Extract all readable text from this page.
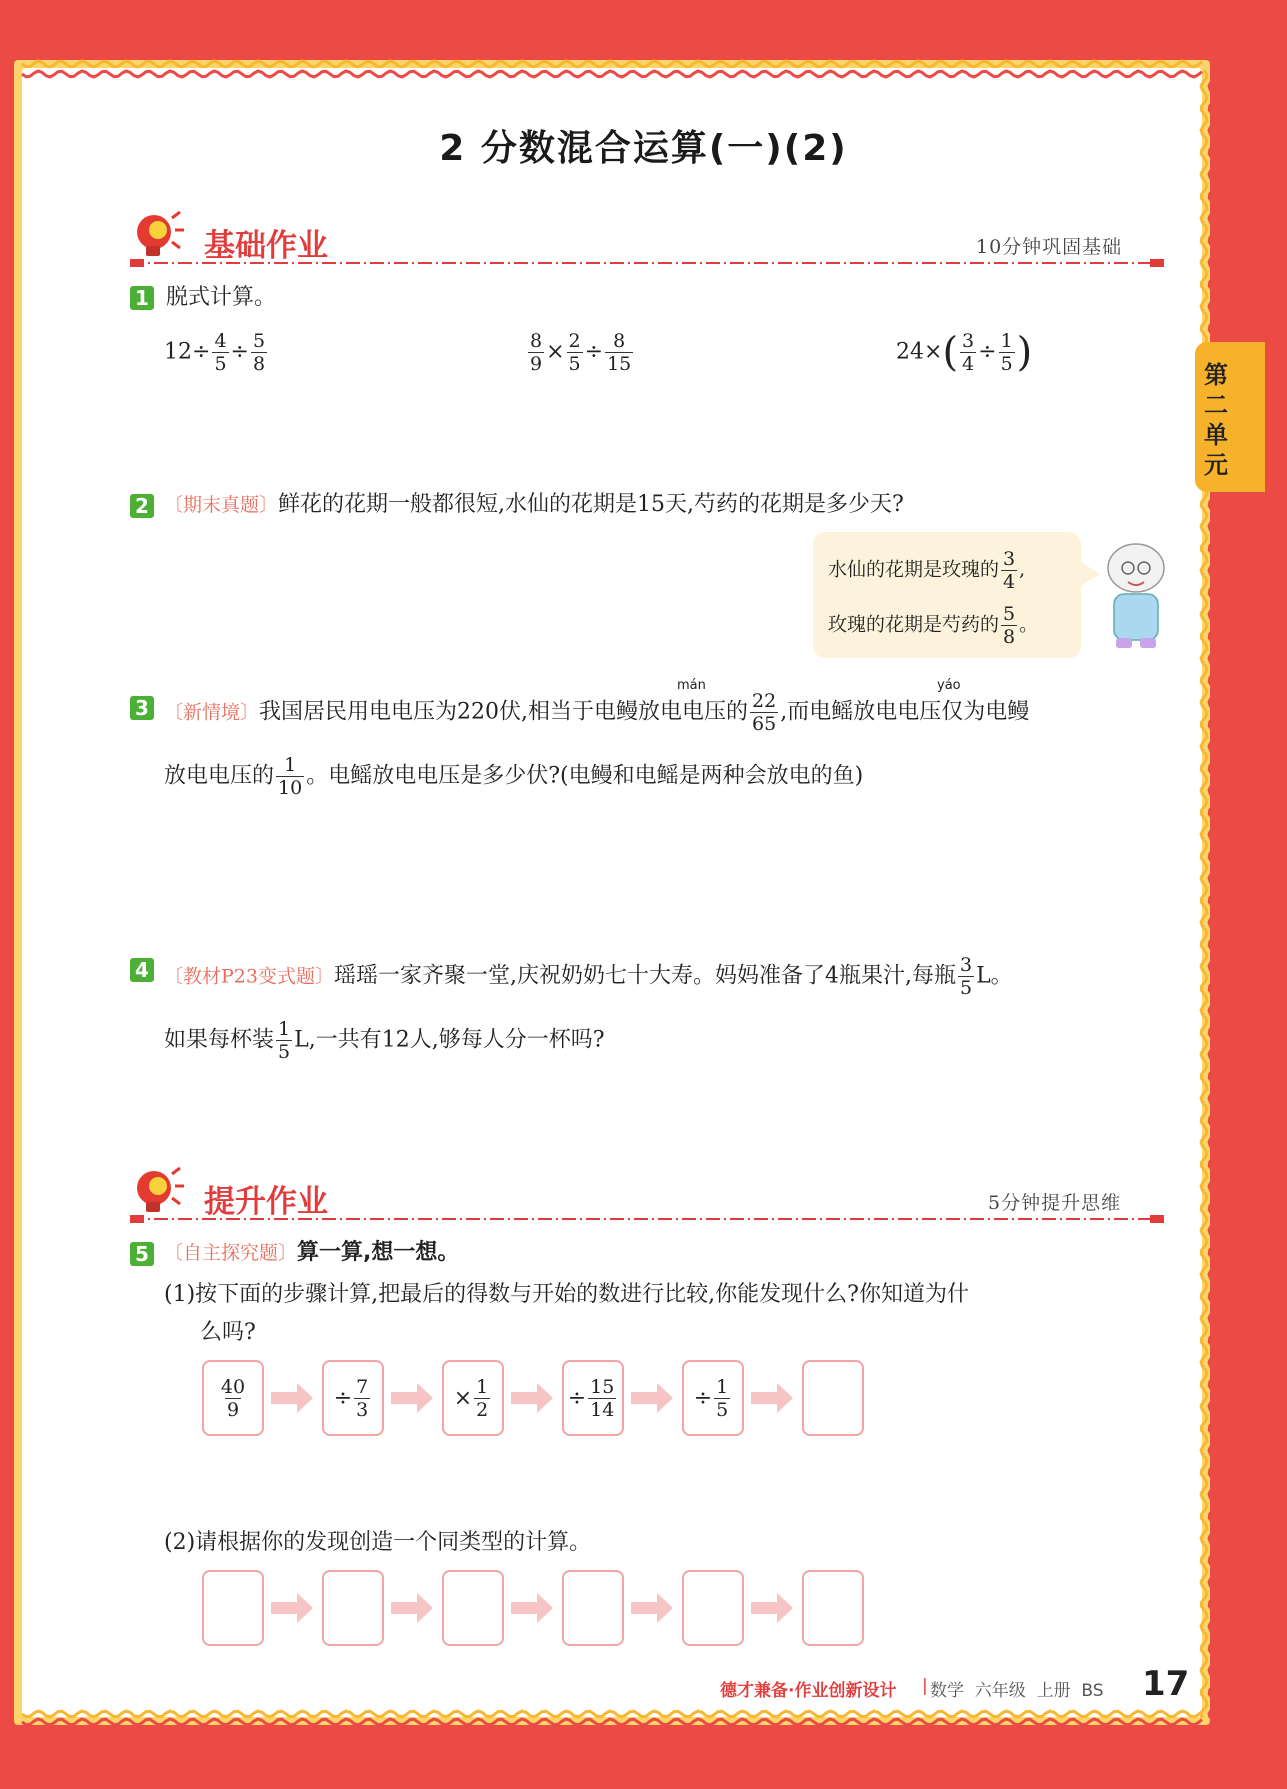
第二单元
2 分数混合运算(一)(2)
基础作业	10分钟巩固基础
1 脱式计算。
$12\div \frac{4}{5} \div \frac{5}{8}$	$\frac{8}{9} \times \frac{2}{5} \div \frac{8}{15}$	$24\times( \frac{3}{4} \div \frac{1}{5}$ )
2 〔期末真题〕鲜花的花期一般都很短,水仙的花期是15天,芍药的花期是多少天?
水仙的花期是玫瑰的 $\frac{3}{4}$ ,
玫瑰的花期是芍药的 $\frac{5}{8}$ 。
3
mán	yáo
〔新情境〕我国居民用电电压为220伏,相当于电鳗放电电压的 $\frac{22}{65}$ ,而电鳐放电电压仅为电鳗
放电电压的 $\frac{1}{10}$ 。电鳐放电电压是多少伏?(电鳗和电鳐是两种会放电的鱼)
4 〔教材P23变式题〕瑶瑶一家齐聚一堂,庆祝奶奶七十大寿。妈妈准备了4瓶果汁,每瓶 $\frac{3}{5}$ L。
如果每杯装 $\frac{1}{5} L$,一共有12人,够每人分一杯吗?
提升作业	5分钟提升思维
5 〔自主探究题〕算一算,想一想。
(1)按下面的步骤计算,把最后的得数与开始的数进行比较,你能发现什么?你知道为什
么吗?
$\frac{40}{9}$	÷ $\frac{7}{3}$	× $\frac{1}{2}$	÷ $\frac{15}{14}$	÷ $\frac{1}{5}$
(2)请根据你的发现创造一个同类型的计算。
德才兼备·作业创新设计 | 数学  六年级  上册  BS 17
